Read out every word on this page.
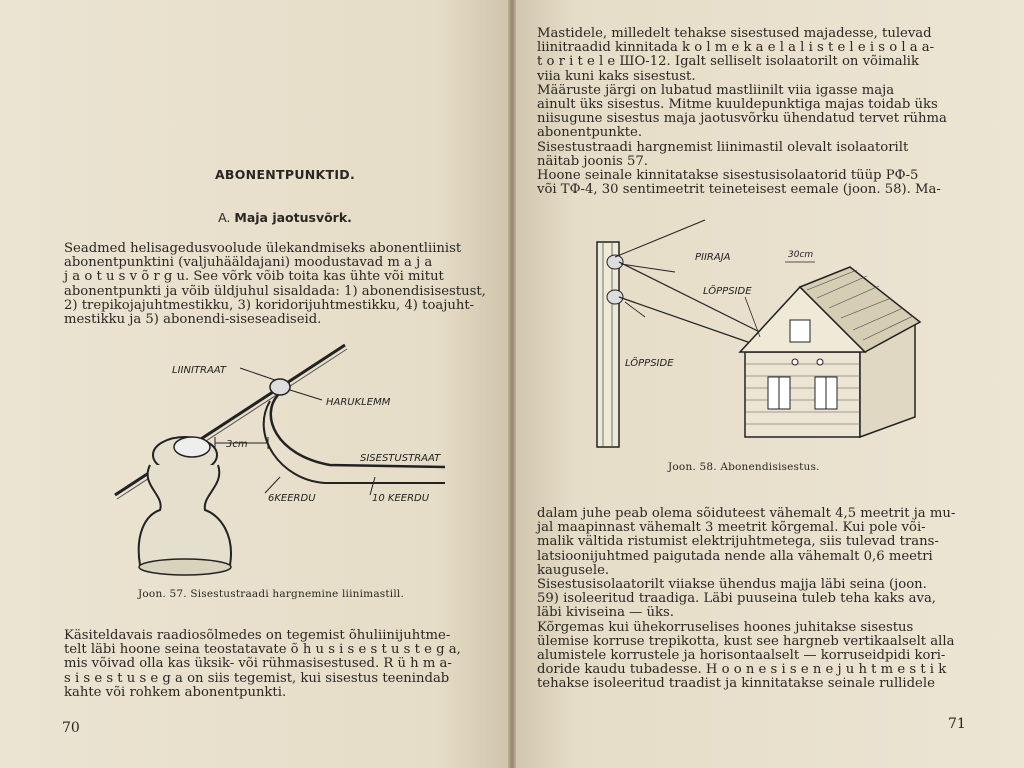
ABONENTPUNKTID.
A. Maja jaotusvõrk.
Seadmed helisagedusvoolude ülekandmiseks abonentliinist
abonentpunktini (valjuhääldajani) moodustavad m a j a
j a o t u s v õ r g u. See võrk võib toita kas ühte või mitut
abonentpunkti ja võib üldjuhul sisaldada: 1) abonendisisestust,
2) trepikojajuhtmestikku, 3) koridorijuhtmestikku, 4) toajuht-
mestikku ja 5) abonendi-siseseadiseid.
LIINITRAAT
HARUKLEMM
3cm
SISESTUSTRAAT
6KEERDU	10 KEERDU
Joon. 57. Sisestustraadi hargnemine liinimastill.
Käsiteldavais raadiosõlmedes on tegemist õhuliinijuhtme-
telt läbi hoone seina teostatavate õ h u s i s e s t u s t e g a,
mis võivad olla kas üksik- või rühmasisestused. R ü h m a-
s i s e s t u s e g a on siis tegemist, kui sisestus teenindab
kahte või rohkem abonentpunkti.
70
Mastidele, milledelt tehakse sisestused majadesse, tulevad
liinitraadid kinnitada k o l m e k a e l a l i s t e l e i s o l a a-
t o r i t e l e ШО-12. Igalt selliselt isolaatorilt on võimalik
viia kuni kaks sisestust.
Määruste järgi on lubatud mastliinilt viia igasse maja
ainult üks sisestus. Mitme kuuldepunktiga majas toidab üks
niisugune sisestus maja jaotusvõrku ühendatud tervet rühma
abonentpunkte.
Sisestustraadi hargnemist liinimastil olevalt isolaatorilt
näitab joonis 57.
Hoone seinale kinnitatakse sisestusisolaatorid tüüp РФ-5
või ТФ-4, 30 sentimeetrit teineteisest eemale (joon. 58). Ma-
PIIRAJA	30cm
LÕPPSIDE
LÕPPSIDE
Joon. 58. Abonendisisestus.
dalam juhe peab olema sõiduteest vähemalt 4,5 meetrit ja mu-
jal maapinnast vähemalt 3 meetrit kõrgemal. Kui pole või-
malik vältida ristumist elektrijuhtmetega, siis tulevad trans-
latsioonijuhtmed paigutada nende alla vähemalt 0,6 meetri
kaugusele.
Sisestusisolaatorilt viiakse ühendus majja läbi seina (joon.
59) isoleeritud traadiga. Läbi puuseina tuleb teha kaks ava,
läbi kiviseina — üks.
Kõrgemas kui ühekorruselises hoones juhitakse sisestus
ülemise korruse trepikotta, kust see hargneb vertikaalselt alla
alumistele korrustele ja horisontaalselt — korruseidpidi kori-
doride kaudu tubadesse. H o o n e s i s e n e j u h t m e s t i k
tehakse isoleeritud traadist ja kinnitatakse seinale rullidele
71
